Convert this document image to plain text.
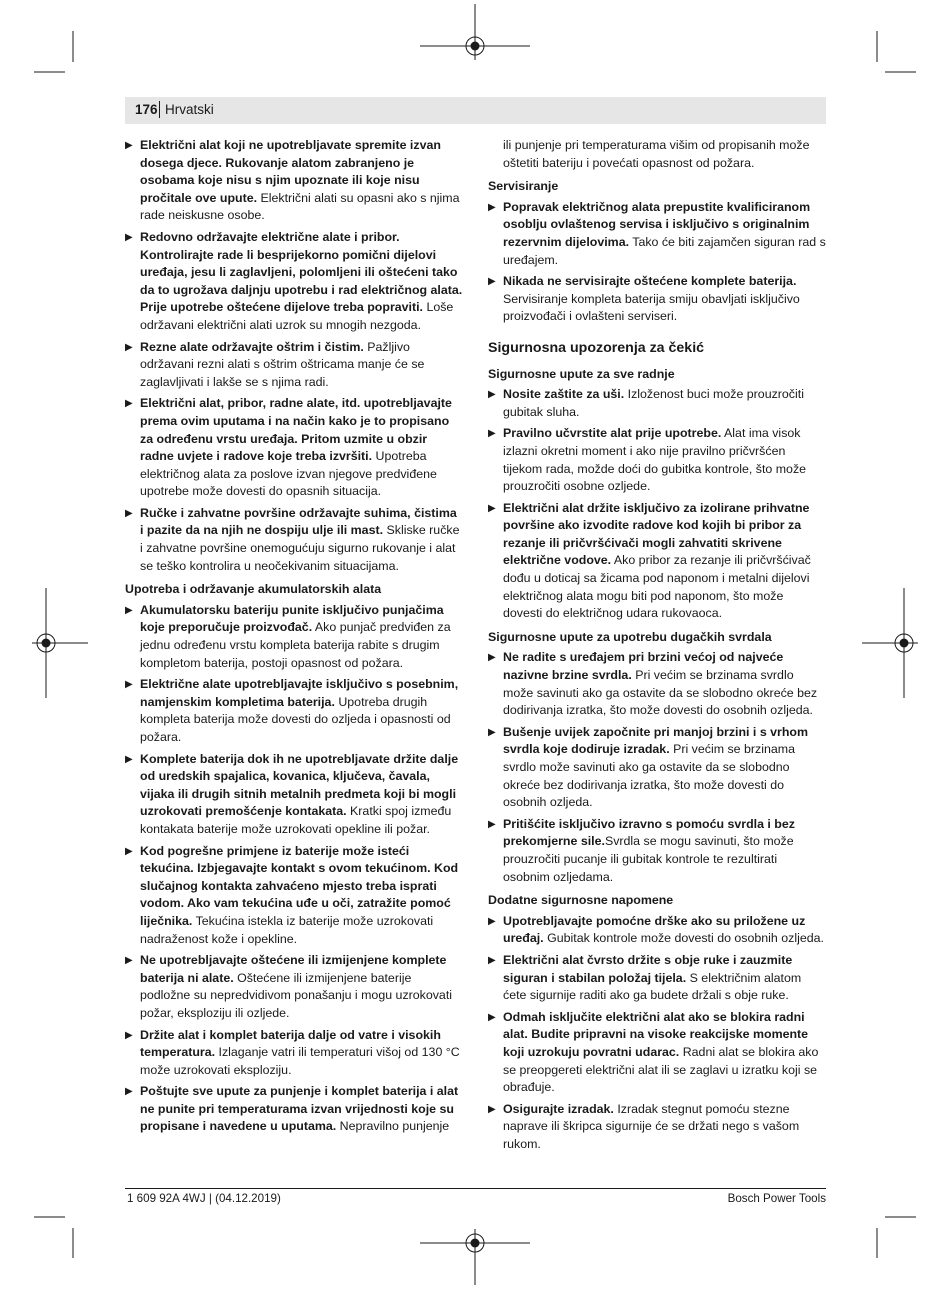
176 Hrvatski
▶ Električni alat koji ne upotrebljavate spremite izvan dosega djece. Rukovanje alatom zabranjeno je osobama koje nisu s njim upoznate ili koje nisu pročitale ove upute. Električni alati su opasni ako s njima rade neiskusne osobe.
▶ Redovno održavajte električne alate i pribor. Kontrolirajte rade li besprijekorno pomični dijelovi uređaja, jesu li zaglavljeni, polomljeni ili oštećeni tako da to ugrožava daljnju upotrebu i rad električnog alata. Prije upotrebe oštećene dijelove treba popraviti. Loše održavani električni alati uzrok su mnogih nezgoda.
▶ Rezne alate održavajte oštrim i čistim. Pažljivo održavani rezni alati s oštrim oštricama manje će se zaglavljivati i lakše se s njima radi.
▶ Električni alat, pribor, radne alate, itd. upotrebljavajte prema ovim uputama i na način kako je to propisano za određenu vrstu uređaja. Pritom uzmite u obzir radne uvjete i radove koje treba izvršiti. Upotreba električnog alata za poslove izvan njegove predviđene upotrebe može dovesti do opasnih situacija.
▶ Ručke i zahvatne površine održavajte suhima, čistima i pazite da na njih ne dospiju ulje ili mast. Skliske ručke i zahvatne površine onemogućuju sigurno rukovanje i alat se teško kontrolira u neočekivanim situacijama.
Upotreba i održavanje akumulatorskih alata
▶ Akumulatorsku bateriju punite isključivo punjačima koje preporučuje proizvođač. Ako punjač predviđen za jednu određenu vrstu kompleta baterija rabite s drugim kompletom baterija, postoji opasnost od požara.
▶ Električne alate upotrebljavajte isključivo s posebnim, namjenskim kompletima baterija. Upotreba drugih kompleta baterija može dovesti do ozljeda i opasnosti od požara.
▶ Komplete baterija dok ih ne upotrebljavate držite dalje od uredskih spajalica, kovanica, ključeva, čavala, vijaka ili drugih sitnih metalnih predmeta koji bi mogli uzrokovati premošćenje kontakata. Kratki spoj između kontakata baterije može uzrokovati opekline ili požar.
▶ Kod pogrešne primjene iz baterije može isteći tekućina. Izbjegavajte kontakt s ovom tekućinom. Kod slučajnog kontakta zahvaćeno mjesto treba isprati vodom. Ako vam tekućina uđe u oči, zatražite pomoć liječnika. Tekućina istekla iz baterije može uzrokovati nadraženost kože i opekline.
▶ Ne upotrebljavajte oštećene ili izmijenjene komplete baterija ni alate. Oštećene ili izmijenjene baterije podložne su nepredvidivom ponašanju i mogu uzrokovati požar, eksploziju ili ozljede.
▶ Držite alat i komplet baterija dalje od vatre i visokih temperatura. Izlaganje vatri ili temperaturi višoj od 130 °C može uzrokovati eksploziju.
▶ Poštujte sve upute za punjenje i komplet baterija i alat ne punite pri temperaturama izvan vrijednosti koje su propisane i navedene u uputama. Nepravilno punjenje
ili punjenje pri temperaturama višim od propisanih može oštetiti bateriju i povećati opasnost od požara.
Servisiranje
▶ Popravak električnog alata prepustite kvalificiranom osoblju ovlaštenog servisa i isključivo s originalnim rezervnim dijelovima. Tako će biti zajamčen siguran rad s uređajem.
▶ Nikada ne servisirajte oštećene komplete baterija. Servisiranje kompleta baterija smiju obavljati isključivo proizvođači i ovlašteni serviseri.
Sigurnosna upozorenja za čekić
Sigurnosne upute za sve radnje
▶ Nosite zaštite za uši. Izloženost buci može prouzročiti gubitak sluha.
▶ Pravilno učvrstite alat prije upotrebe. Alat ima visok izlazni okretni moment i ako nije pravilno pričvršćen tijekom rada, možde doći do gubitka kontrole, što može prouzročiti osobne ozljede.
▶ Električni alat držite isključivo za izolirane prihvatne površine ako izvodite radove kod kojih bi pribor za rezanje ili pričvršćivači mogli zahvatiti skrivene električne vodove. Ako pribor za rezanje ili pričvršćivač dođu u doticaj sa žicama pod naponom i metalni dijelovi električnog alata mogu biti pod naponom, što može dovesti do električnog udara rukovaoca.
Sigurnosne upute za upotrebu dugačkih svrdala
▶ Ne radite s uređajem pri brzini većoj od najveće nazivne brzine svrdla. Pri većim se brzinama svrdlo može savinuti ako ga ostavite da se slobodno okreće bez dodirivanja izratka, što može dovesti do osobnih ozljeda.
▶ Bušenje uvijek započnite pri manjoj brzini i s vrhom svrdla koje dodiruje izradak. Pri većim se brzinama svrdlo može savinuti ako ga ostavite da se slobodno okreće bez dodirivanja izratka, što može dovesti do osobnih ozljeda.
▶ Pritišćite isključivo izravno s pomoću svrdla i bez prekomjerne sile.Svrdla se mogu savinuti, što može prouzročiti pucanje ili gubitak kontrole te rezultirati osobnim ozljedama.
Dodatne sigurnosne napomene
▶ Upotrebljavajte pomoćne drške ako su priložene uz uređaj. Gubitak kontrole može dovesti do osobnih ozljeda.
▶ Električni alat čvrsto držite s obje ruke i zauzmite siguran i stabilan položaj tijela. S električnim alatom ćete sigurnije raditi ako ga budete držali s obje ruke.
▶ Odmah isključite električni alat ako se blokira radni alat. Budite pripravni na visoke reakcijske momente koji uzrokuju povratni udarac. Radni alat se blokira ako se preopgereti električni alat ili se zaglavi u izratku koji se obrađuje.
▶ Osigurajte izradak. Izradak stegnut pomoću stezne naprave ili škripca sigurnije će se držati nego s vašom rukom.
1 609 92A 4WJ | (04.12.2019)	Bosch Power Tools
